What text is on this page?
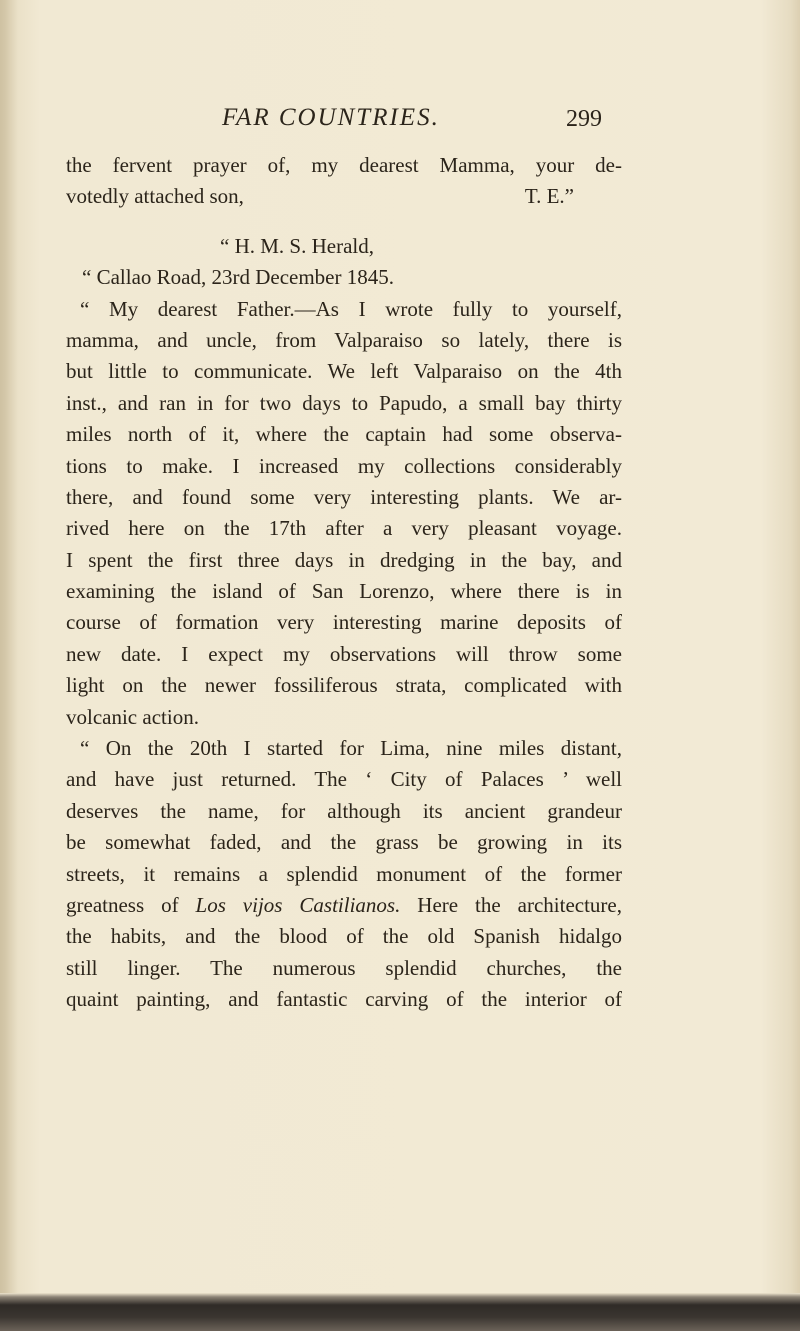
FAR COUNTRIES.	299
the fervent prayer of, my dearest Mamma, your de-
votedly attached son,	T. E.”
“ H. M. S. Herald,
“ Callao Road, 23rd December 1845.
“ My dearest Father.—As I wrote fully to yourself,
mamma, and uncle, from Valparaiso so lately, there is
but little to communicate. We left Valparaiso on the 4th
inst., and ran in for two days to Papudo, a small bay thirty
miles north of it, where the captain had some observa-
tions to make. I increased my collections considerably
there, and found some very interesting plants. We ar-
rived here on the 17th after a very pleasant voyage.
I spent the first three days in dredging in the bay, and
examining the island of San Lorenzo, where there is in
course of formation very interesting marine deposits of
new date. I expect my observations will throw some
light on the newer fossiliferous strata, complicated with
volcanic action.
“ On the 20th I started for Lima, nine miles distant,
and have just returned. The ‘ City of Palaces ’ well
deserves the name, for although its ancient grandeur
be somewhat faded, and the grass be growing in its
streets, it remains a splendid monument of the former
greatness of Los vijos Castilianos. Here the architecture,
the habits, and the blood of the old Spanish hidalgo
still linger. The numerous splendid churches, the
quaint painting, and fantastic carving of the interior of
